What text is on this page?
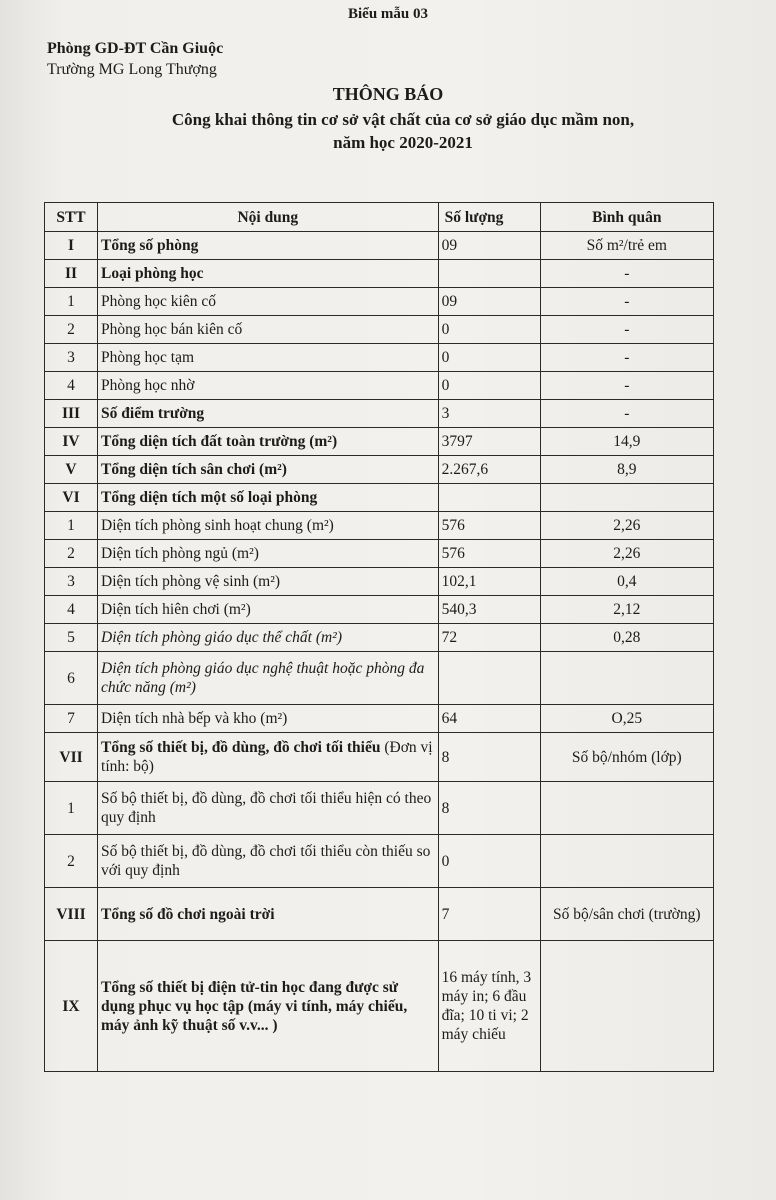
Biểu mẫu 03
Phòng GD-ĐT Cần Giuộc
Trường MG Long Thượng
THÔNG BÁO
Công khai thông tin cơ sở vật chất của cơ sở giáo dục mầm non,
năm học 2020-2021
STT	Nội dung	Số lượng	Bình quân
I	Tổng số phòng	09	Số m²/trẻ em
II	Loại phòng học		-
1	Phòng học kiên cố	09	-
2	Phòng học bán kiên cố	0	-
3	Phòng học tạm	0	-
4	Phòng học nhờ	0	-
III	Số điểm trường	3	-
IV	Tổng diện tích đất toàn trường (m²)	3797	14,9
V	Tổng diện tích sân chơi (m²)	2.267,6	8,9
VI	Tổng diện tích một số loại phòng		
1	Diện tích phòng sinh hoạt chung (m²)	576	2,26
2	Diện tích phòng ngủ (m²)	576	2,26
3	Diện tích phòng vệ sinh (m²)	102,1	0,4
4	Diện tích hiên chơi (m²)	540,3	2,12
5	Diện tích phòng giáo dục thể chất (m²)	72	0,28
6	Diện tích phòng giáo dục nghệ thuật hoặc phòng đa chức năng (m²)		
7	Diện tích nhà bếp và kho (m²)	64	O,25
VII	Tổng số thiết bị, đồ dùng, đồ chơi tối thiểu (Đơn vị tính: bộ)	8	Số bộ/nhóm (lớp)
1	Số bộ thiết bị, đồ dùng, đồ chơi tối thiểu hiện có theo quy định	8	
2	Số bộ thiết bị, đồ dùng, đồ chơi tối thiểu còn thiếu so với quy định	0	
VIII	Tổng số đồ chơi ngoài trời	7	Số bộ/sân chơi (trường)
IX	Tổng số thiết bị điện tử-tin học đang được sử dụng phục vụ học tập (máy vi tính, máy chiếu, máy ảnh kỹ thuật số v.v... )	16 máy tính, 3 máy in; 6 đầu đĩa; 10 ti vi; 2 máy chiếu	
